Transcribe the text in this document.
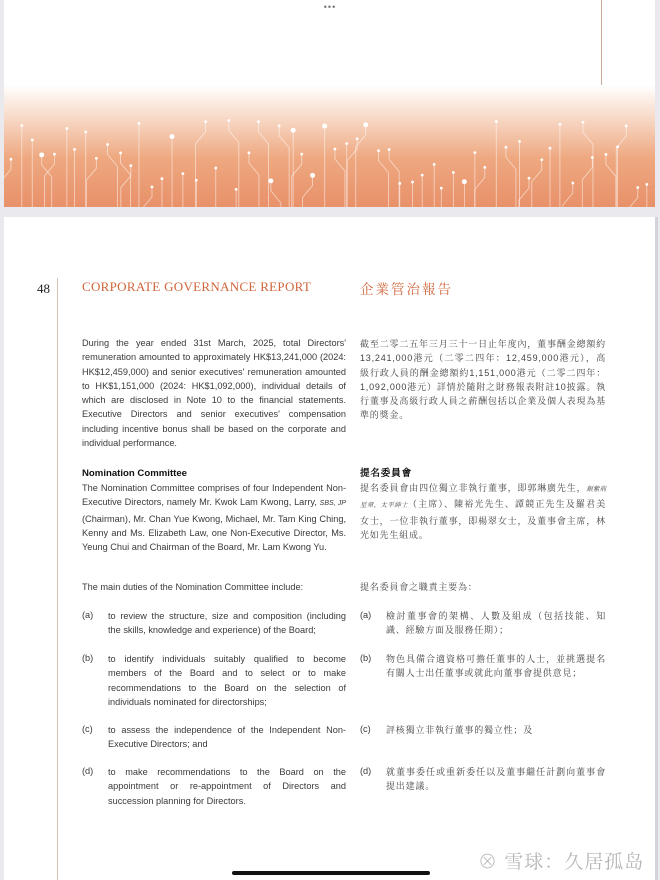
•••
48 CORPORATE GOVERNANCE REPORT	企業管治報告
During the year ended 31st March, 2025, total Directors' remuneration amounted to approximately HK$13,241,000 (2024: HK$12,459,000) and senior executives' remuneration amounted to HK$1,151,000 (2024: HK$1,092,000), individual details of which are disclosed in Note 10 to the financial statements. Executive Directors and senior executives' compensation including incentive bonus shall be based on the corporate and individual performance.
Nomination Committee
The Nomination Committee comprises of four Independent Non-Executive Directors, namely Mr. Kwok Lam Kwong, Larry, SBS, JP (Chairman), Mr. Chan Yue Kwong, Michael, Mr. Tam King Ching, Kenny and Ms. Elizabeth Law, one Non-Executive Director, Ms. Yeung Chui and Chairman of the Board, Mr. Lam Kwong Yu.
The main duties of the Nomination Committee include:
截至二零二五年三月三十一日止年度內，董事酬金總額約13,241,000港元（二零二四年：12,459,000港元），高級行政人員的酬金總額約1,151,000港元（二零二四年：1,092,000港元）詳情於隨附之財務報表附註10披露。執行董事及高級行政人員之薪酬包括以企業及個人表現為基準的獎金。
提名委員會
提名委員會由四位獨立非執行董事，即郭琳廣先生，銀紫荊星章，太平紳士（主席）、陳裕光先生、譚競正先生及羅君美女士，一位非執行董事，即楊翠女士，及董事會主席，林光如先生組成。
提名委員會之職責主要為：
(a) to review the structure, size and composition (including the skills, knowledge and experience) of the Board;
(b) to identify individuals suitably qualified to become members of the Board and to select or to make recommendations to the Board on the selection of individuals nominated for directorships;
(c) to assess the independence of the Independent Non-Executive Directors; and
(d) to make recommendations to the Board on the appointment or re-appointment of Directors and succession planning for Directors.
(a) 檢討董事會的架構、人數及組成（包括技能、知識、經驗方面及服務任期）；
(b) 物色具備合適資格可擔任董事的人士，並挑選提名有關人士出任董事或就此向董事會提供意見；
(c) 評核獨立非執行董事的獨立性；及
(d) 就董事委任或重新委任以及董事繼任計劃向董事會提出建議。
⊗ 雪球：久居孤岛
